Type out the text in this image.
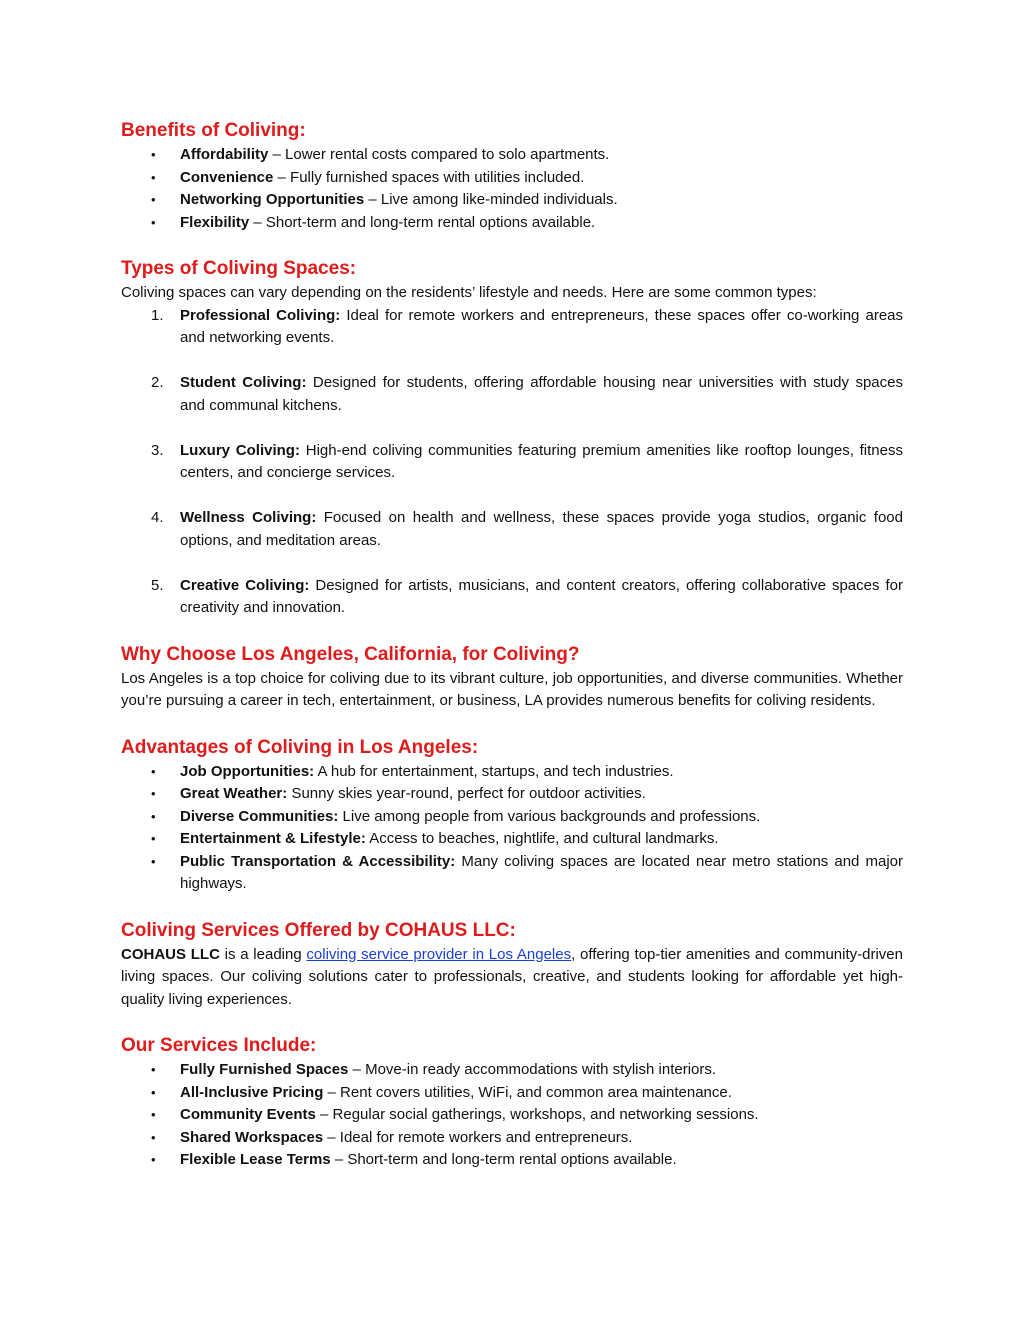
Benefits of Coliving:
• Affordability – Lower rental costs compared to solo apartments.
• Convenience – Fully furnished spaces with utilities included.
• Networking Opportunities – Live among like-minded individuals.
• Flexibility – Short-term and long-term rental options available.
Types of Coliving Spaces:

Coliving spaces can vary depending on the residents’ lifestyle and needs. Here are some common types:

1. Professional Coliving: Ideal for remote workers and entrepreneurs, these spaces offer co-working areas and networking events.
2. Student Coliving: Designed for students, offering affordable housing near universities with study spaces and communal kitchens.
3. Luxury Coliving: High-end coliving communities featuring premium amenities like rooftop lounges, fitness centers, and concierge services.
4. Wellness Coliving: Focused on health and wellness, these spaces provide yoga studios, organic food options, and meditation areas.
5. Creative Coliving: Designed for artists, musicians, and content creators, offering collaborative spaces for creativity and innovation.
Why Choose Los Angeles, California, for Coliving?

Los Angeles is a top choice for coliving due to its vibrant culture, job opportunities, and diverse communities. Whether you’re pursuing a career in tech, entertainment, or business, LA provides numerous benefits for coliving residents.

Advantages of Coliving in Los Angeles:
• Job Opportunities: A hub for entertainment, startups, and tech industries.
• Great Weather: Sunny skies year-round, perfect for outdoor activities.
• Diverse Communities: Live among people from various backgrounds and professions.
• Entertainment & Lifestyle: Access to beaches, nightlife, and cultural landmarks.
• Public Transportation & Accessibility: Many coliving spaces are located near metro stations and major highways.
Coliving Services Offered by COHAUS LLC:

COHAUS LLC is a leading coliving service provider in Los Angeles, offering top-tier amenities and community-driven living spaces. Our coliving solutions cater to professionals, creative, and students looking for affordable yet high-quality living experiences.

Our Services Include:
• Fully Furnished Spaces – Move-in ready accommodations with stylish interiors.
• All-Inclusive Pricing – Rent covers utilities, WiFi, and common area maintenance.
• Community Events – Regular social gatherings, workshops, and networking sessions.
• Shared Workspaces – Ideal for remote workers and entrepreneurs.
• Flexible Lease Terms – Short-term and long-term rental options available.
